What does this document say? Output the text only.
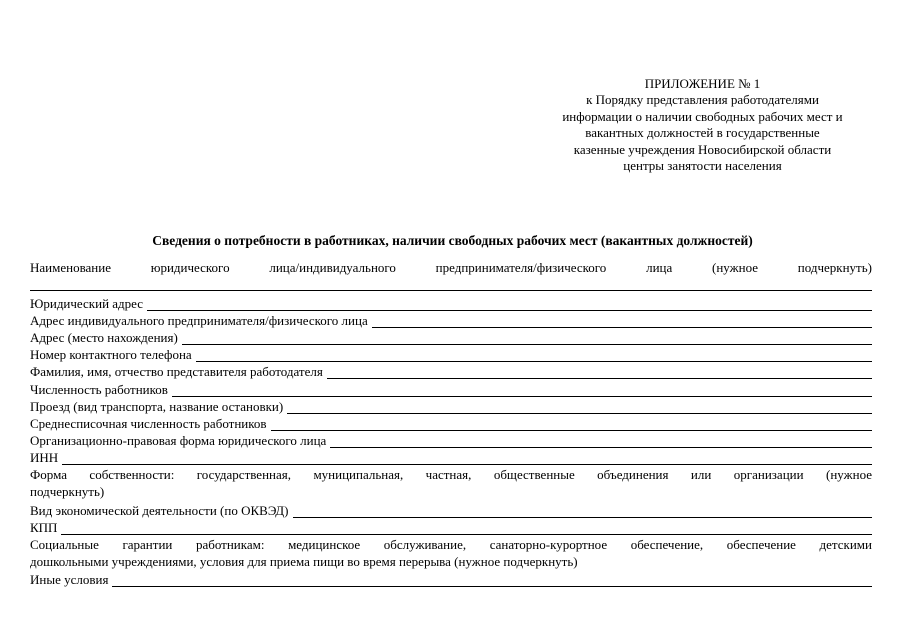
ПРИЛОЖЕНИЕ № 1
к Порядку представления работодателями
информации о наличии свободных рабочих мест и
вакантных должностей в государственные
казенные учреждения Новосибирской области
центры занятости населения
Сведения о потребности в работниках, наличии свободных рабочих мест (вакантных должностей)
Наименование юридического лица/индивидуального предпринимателя/физического лица (нужное подчеркнуть)
Юридический адрес
Адрес индивидуального предпринимателя/физического лица
Адрес (место нахождения)
Номер контактного телефона
Фамилия, имя, отчество представителя работодателя
Численность работников
Проезд (вид транспорта, название остановки)
Среднесписочная численность работников
Организационно-правовая форма юридического лица
ИНН
Форма собственности: государственная, муниципальная, частная, общественные объединения или организации (нужное
подчеркнуть)
Вид экономической деятельности (по ОКВЭД)
КПП
Социальные гарантии работникам: медицинское обслуживание, санаторно-курортное обеспечение, обеспечение детскими
дошкольными учреждениями, условия для приема пищи во время перерыва (нужное подчеркнуть)
Иные условия
